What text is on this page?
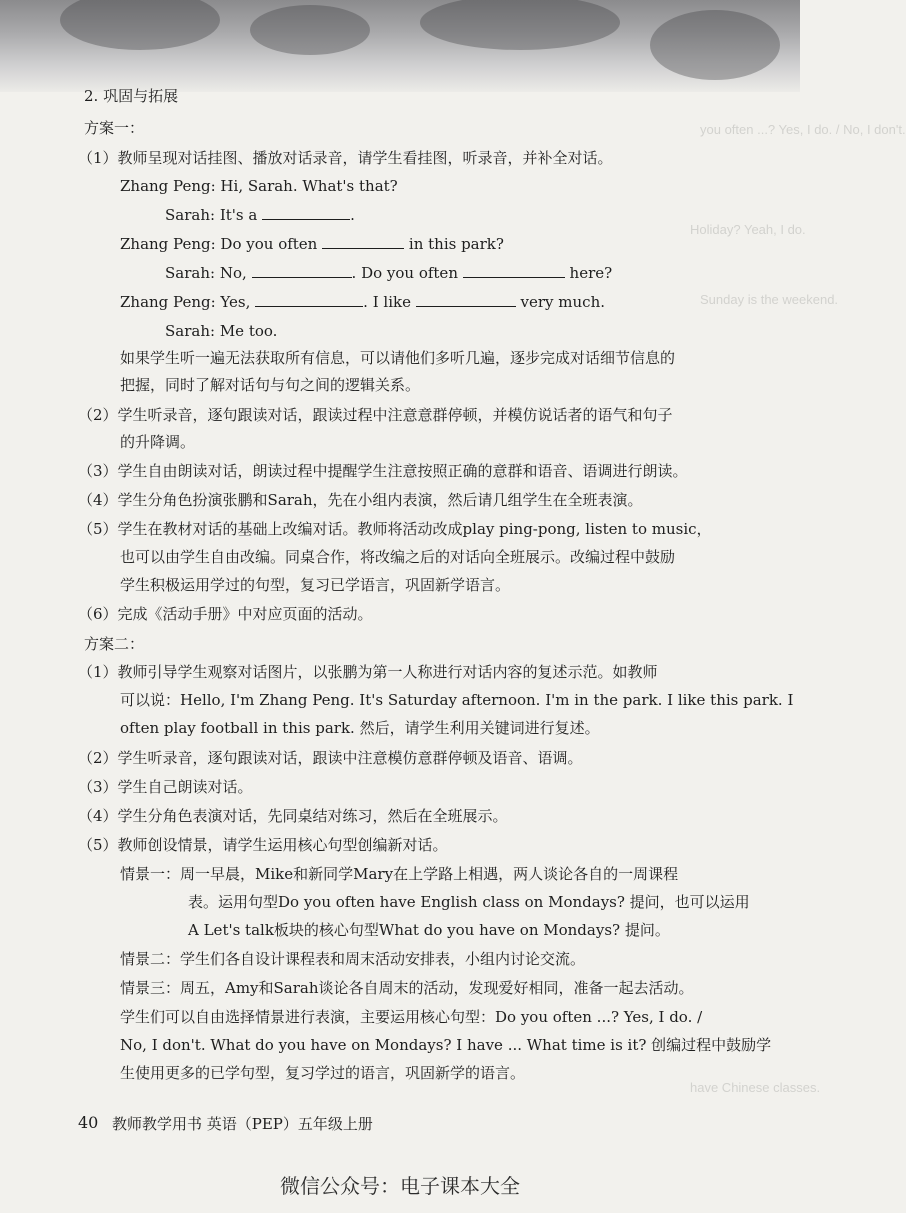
you often ...? Yes, I do. / No, I don't.
Holiday? Yeah, I do.
Sunday is the weekend.
have Chinese classes.
2. 巩固与拓展
方案一：
（1）教师呈现对话挂图、播放对话录音，请学生看挂图，听录音，并补全对话。
Zhang Peng: Hi, Sarah. What's that?
Sarah: It's a	.
Zhang Peng: Do you often	in this park?
Sarah: No,	. Do you often	here?
Zhang Peng: Yes,	. I like	very much.
Sarah: Me too.
如果学生听一遍无法获取所有信息，可以请他们多听几遍，逐步完成对话细节信息的
把握，同时了解对话句与句之间的逻辑关系。
（2）学生听录音，逐句跟读对话，跟读过程中注意意群停顿，并模仿说话者的语气和句子
的升降调。
（3）学生自由朗读对话，朗读过程中提醒学生注意按照正确的意群和语音、语调进行朗读。
（4）学生分角色扮演张鹏和Sarah，先在小组内表演，然后请几组学生在全班表演。
（5）学生在教材对话的基础上改编对话。教师将活动改成play ping-pong, listen to music，
也可以由学生自由改编。同桌合作，将改编之后的对话向全班展示。改编过程中鼓励
学生积极运用学过的句型，复习已学语言，巩固新学语言。
（6）完成《活动手册》中对应页面的活动。
方案二：
（1）教师引导学生观察对话图片，以张鹏为第一人称进行对话内容的复述示范。如教师
可以说：Hello, I'm Zhang Peng. It's Saturday afternoon. I'm in the park. I like this park. I
often play football in this park. 然后，请学生利用关键词进行复述。
（2）学生听录音，逐句跟读对话，跟读中注意模仿意群停顿及语音、语调。
（3）学生自己朗读对话。
（4）学生分角色表演对话，先同桌结对练习，然后在全班展示。
（5）教师创设情景，请学生运用核心句型创编新对话。
情景一：周一早晨，Mike和新同学Mary在上学路上相遇，两人谈论各自的一周课程
表。运用句型Do you often have English class on Mondays? 提问，也可以运用
A Let's talk板块的核心句型What do you have on Mondays? 提问。
情景二：学生们各自设计课程表和周末活动安排表，小组内讨论交流。
情景三：周五，Amy和Sarah谈论各自周末的活动，发现爱好相同，准备一起去活动。
学生们可以自由选择情景进行表演，主要运用核心句型：Do you often ...? Yes, I do. /
No, I don't. What do you have on Mondays? I have ... What time is it? 创编过程中鼓励学
生使用更多的已学句型，复习学过的语言，巩固新学的语言。
40 教师教学用书 英语（PEP）五年级上册
微信公众号：电子课本大全
